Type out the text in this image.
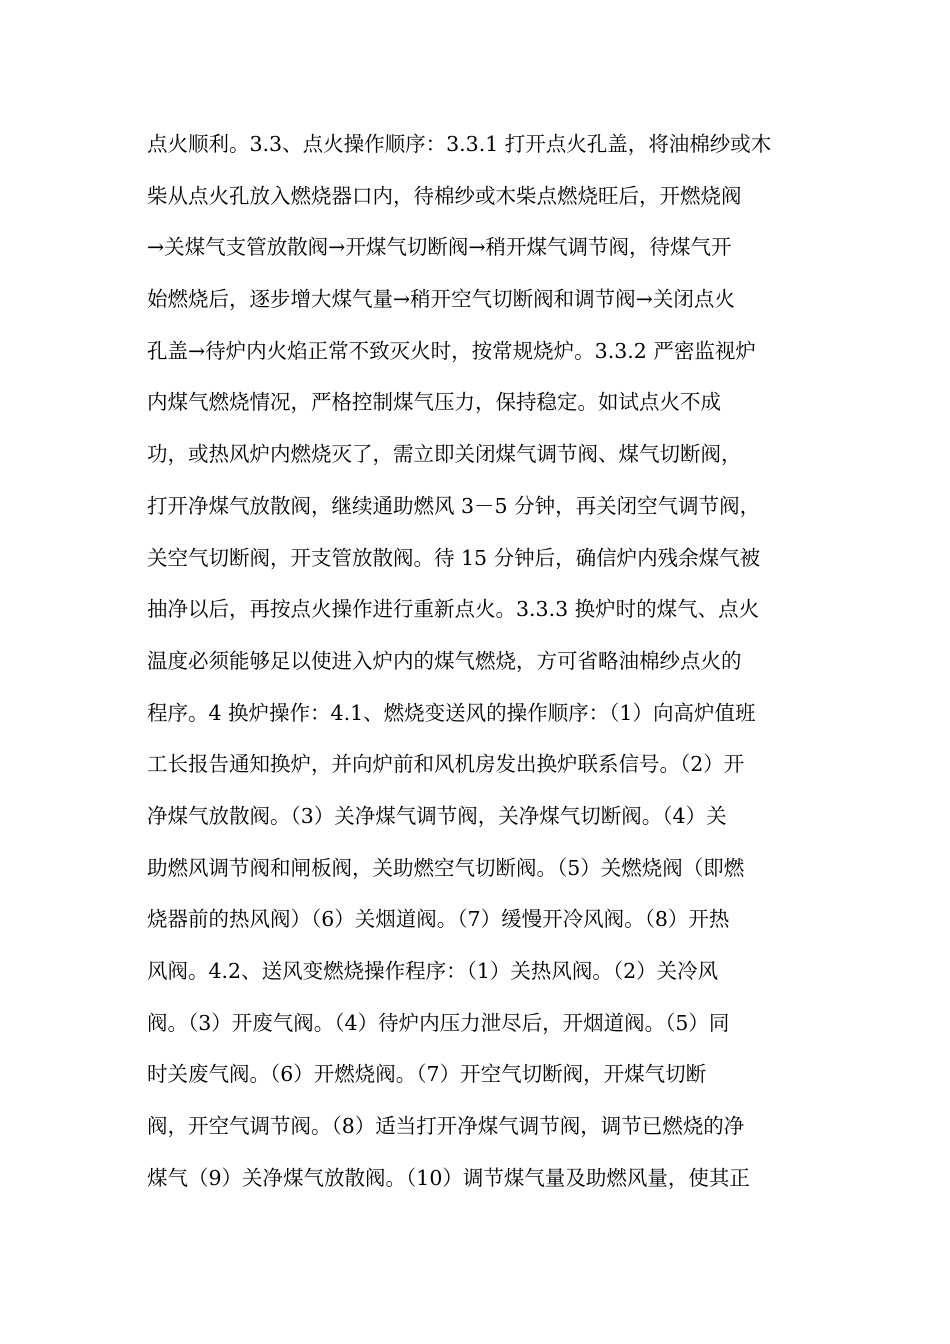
点火顺利。3.3、点火操作顺序：3.3.1 打开点火孔盖，将油棉纱或木
柴从点火孔放入燃烧器口内，待棉纱或木柴点燃烧旺后，开燃烧阀
→关煤气支管放散阀→开煤气切断阀→稍开煤气调节阀，待煤气开
始燃烧后，逐步增大煤气量→稍开空气切断阀和调节阀→关闭点火
孔盖→待炉内火焰正常不致灭火时，按常规烧炉。3.3.2 严密监视炉
内煤气燃烧情况，严格控制煤气压力，保持稳定。如试点火不成
功，或热风炉内燃烧灭了，需立即关闭煤气调节阀、煤气切断阀，
打开净煤气放散阀，继续通助燃风 3－5 分钟，再关闭空气调节阀，
关空气切断阀，开支管放散阀。待 15 分钟后，确信炉内残余煤气被
抽净以后，再按点火操作进行重新点火。3.3.3 换炉时的煤气、点火
温度必须能够足以使进入炉内的煤气燃烧，方可省略油棉纱点火的
程序。4 换炉操作：4.1、燃烧变送风的操作顺序：（1）向高炉值班
工长报告通知换炉，并向炉前和风机房发出换炉联系信号。（2）开
净煤气放散阀。（3）关净煤气调节阀，关净煤气切断阀。（4）关
助燃风调节阀和闸板阀，关助燃空气切断阀。（5）关燃烧阀（即燃
烧器前的热风阀）（6）关烟道阀。（7）缓慢开冷风阀。（8）开热
风阀。4.2、送风变燃烧操作程序：（1）关热风阀。（2）关冷风
阀。（3）开废气阀。（4）待炉内压力泄尽后，开烟道阀。（5）同
时关废气阀。（6）开燃烧阀。（7）开空气切断阀，开煤气切断
阀，开空气调节阀。（8）适当打开净煤气调节阀，调节已燃烧的净
煤气（9）关净煤气放散阀。（10）调节煤气量及助燃风量，使其正
